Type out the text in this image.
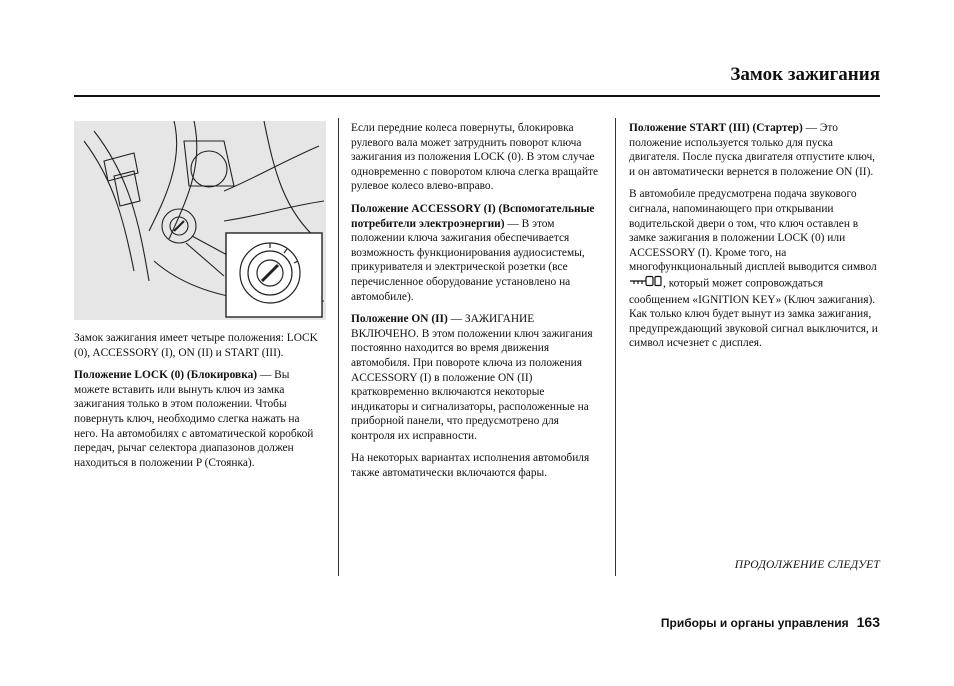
Замок зажигания

Замок зажигания имеет четыре положения: LOCK (0), ACCESSORY (I), ON (II) и START (III).

Положение LOCK (0) (Блокировка) — Вы можете вставить или вынуть ключ из замка зажигания только в этом положении. Чтобы повернуть ключ, необходимо слегка нажать на него. На автомобилях с автоматической коробкой передач, рычаг селектора диапазонов должен находиться в положении P (Стоянка).

Если передние колеса повернуты, блокировка рулевого вала может затруднить поворот ключа зажигания из положения LOCK (0). В этом случае одновременно с поворотом ключа слегка вращайте рулевое колесо влево-вправо.

Положение ACCESSORY (I) (Вспомогательные потребители электроэнергии) — В этом положении ключа зажигания обеспечивается возможность функционирования аудиосистемы, прикуривателя и электрической розетки (все перечисленное оборудование установлено на автомобиле).

Положение ON (II) — ЗАЖИГАНИЕ ВКЛЮЧЕНО. В этом положении ключ зажигания постоянно находится во время движения автомобиля. При повороте ключа из положения ACCESSORY (I) в положение ON (II) кратковременно включаются некоторые индикаторы и сигнализаторы, расположенные на приборной панели, что предусмотрено для контроля их исправности.

На некоторых вариантах исполнения автомобиля также автоматически включаются фары.

Положение START (III) (Стартер) — Это положение используется только для пуска двигателя. После пуска двигателя отпустите ключ, и он автоматически вернется в положение ON (II).

В автомобиле предусмотрена подача звукового сигнала, напоминающего при открывании водительской двери о том, что ключ оставлен в замке зажигания в положении LOCK (0) или ACCESSORY (I). Кроме того, на многофункциональный дисплей выводится символ , который может сопровождаться сообщением «IGNITION KEY» (Ключ зажигания). Как только ключ будет вынут из замка зажигания, предупреждающий звуковой сигнал выключится, и символ исчезнет с дисплея.

ПРОДОЛЖЕНИЕ СЛЕДУЕТ
Приборы и органы управления 163
